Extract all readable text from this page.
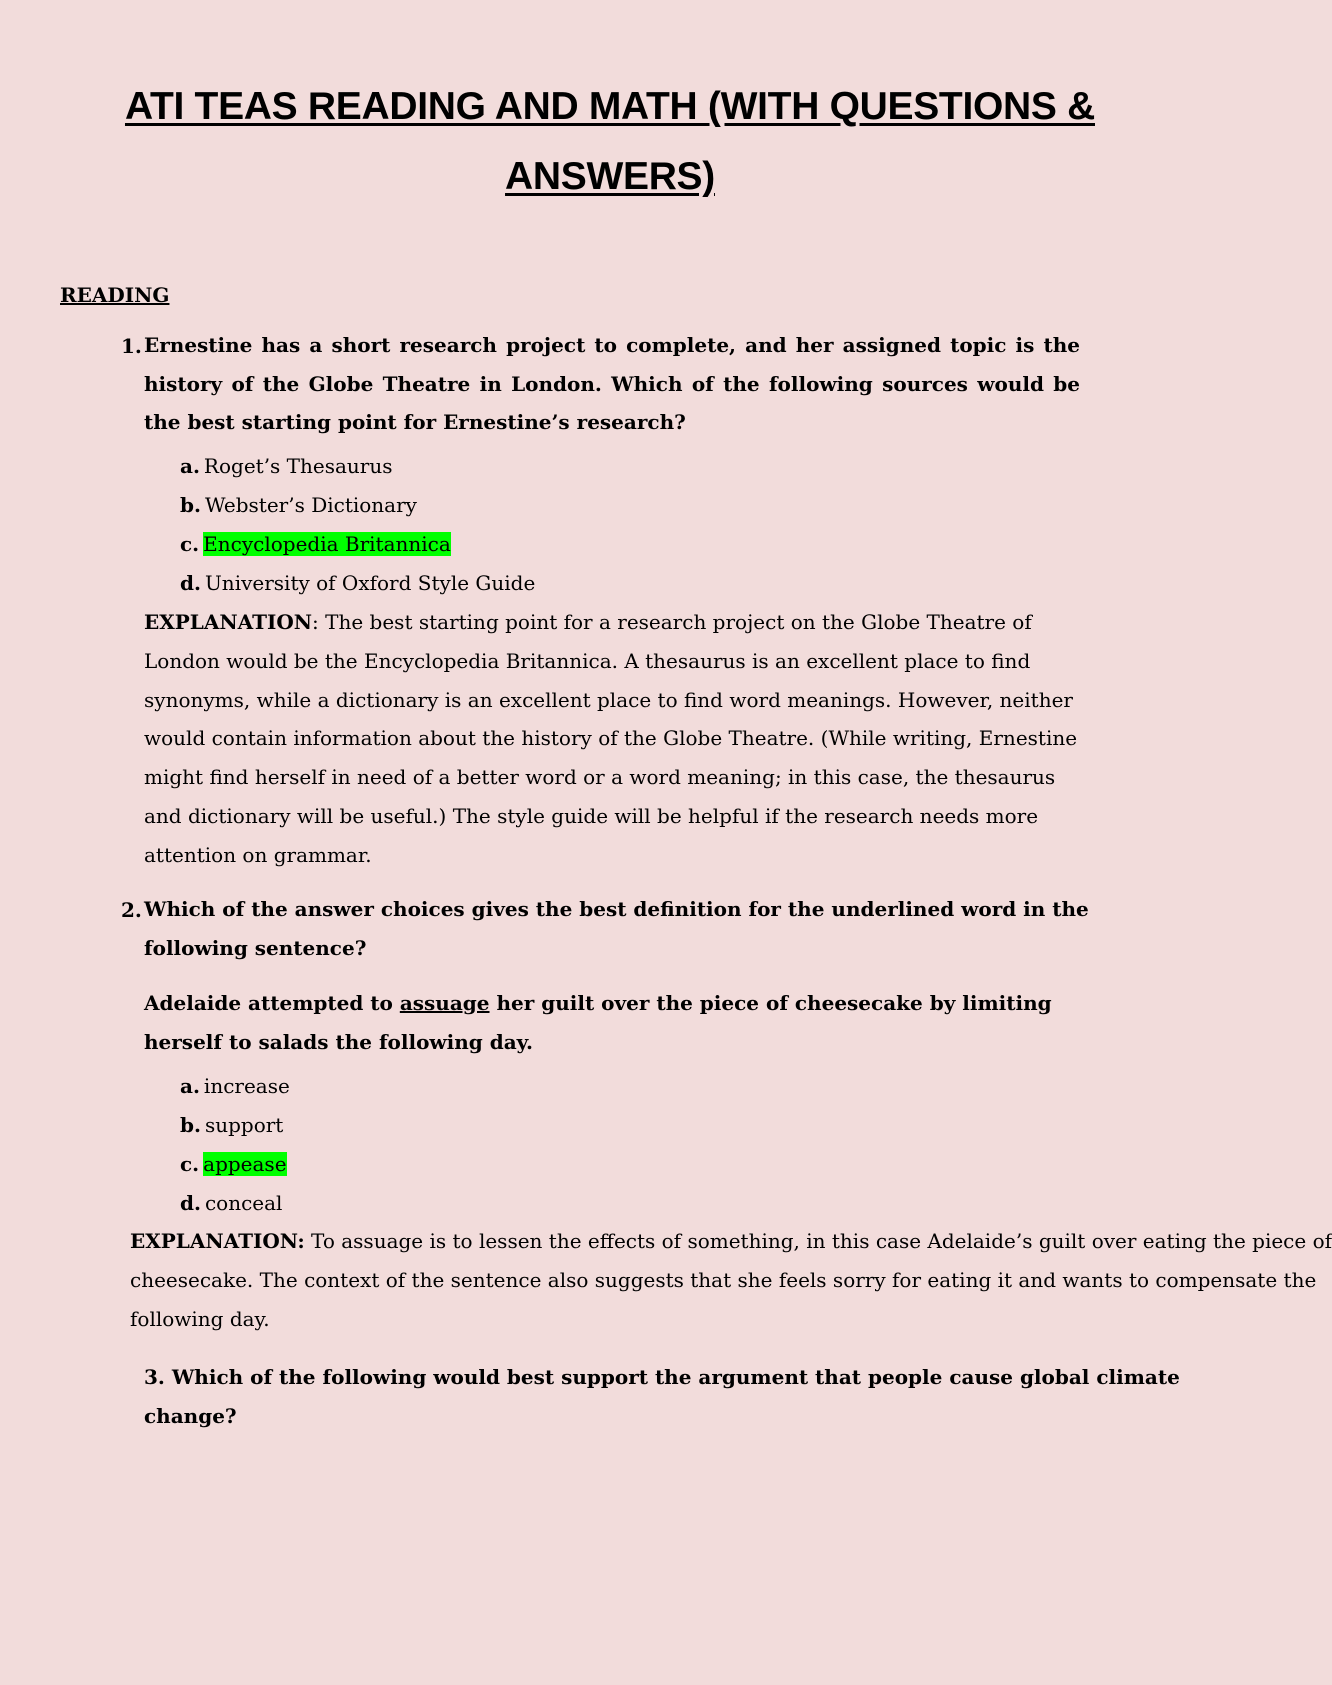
ATI TEAS READING AND MATH (WITH QUESTIONS & ANSWERS)
READING
1. Ernestine has a short research project to complete, and her assigned topic is the history of the Globe Theatre in London. Which of the following sources would be the best starting point for Ernestine’s research?
a. Roget’s Thesaurus
b. Webster’s Dictionary
c. Encyclopedia Britannica
d. University of Oxford Style Guide
EXPLANATION: The best starting point for a research project on the Globe Theatre of London would be the Encyclopedia Britannica. A thesaurus is an excellent place to find synonyms, while a dictionary is an excellent place to find word meanings. However, neither would contain information about the history of the Globe Theatre. (While writing, Ernestine might find herself in need of a better word or a word meaning; in this case, the thesaurus and dictionary will be useful.) The style guide will be helpful if the research needs more attention on grammar.
2. Which of the answer choices gives the best definition for the underlined word in the
following sentence?
Adelaide attempted to assuage her guilt over the piece of cheesecake by limiting herself to salads the following day.
a. increase
b. support
c. appease
d. conceal
EXPLANATION: To assuage is to lessen the effects of something, in this case Adelaide’s guilt over eating the piece of
cheesecake. The context of the sentence also suggests that she feels sorry for eating it and wants to compensate the
following day.
3. Which of the following would best support the argument that people cause global climate
change?
